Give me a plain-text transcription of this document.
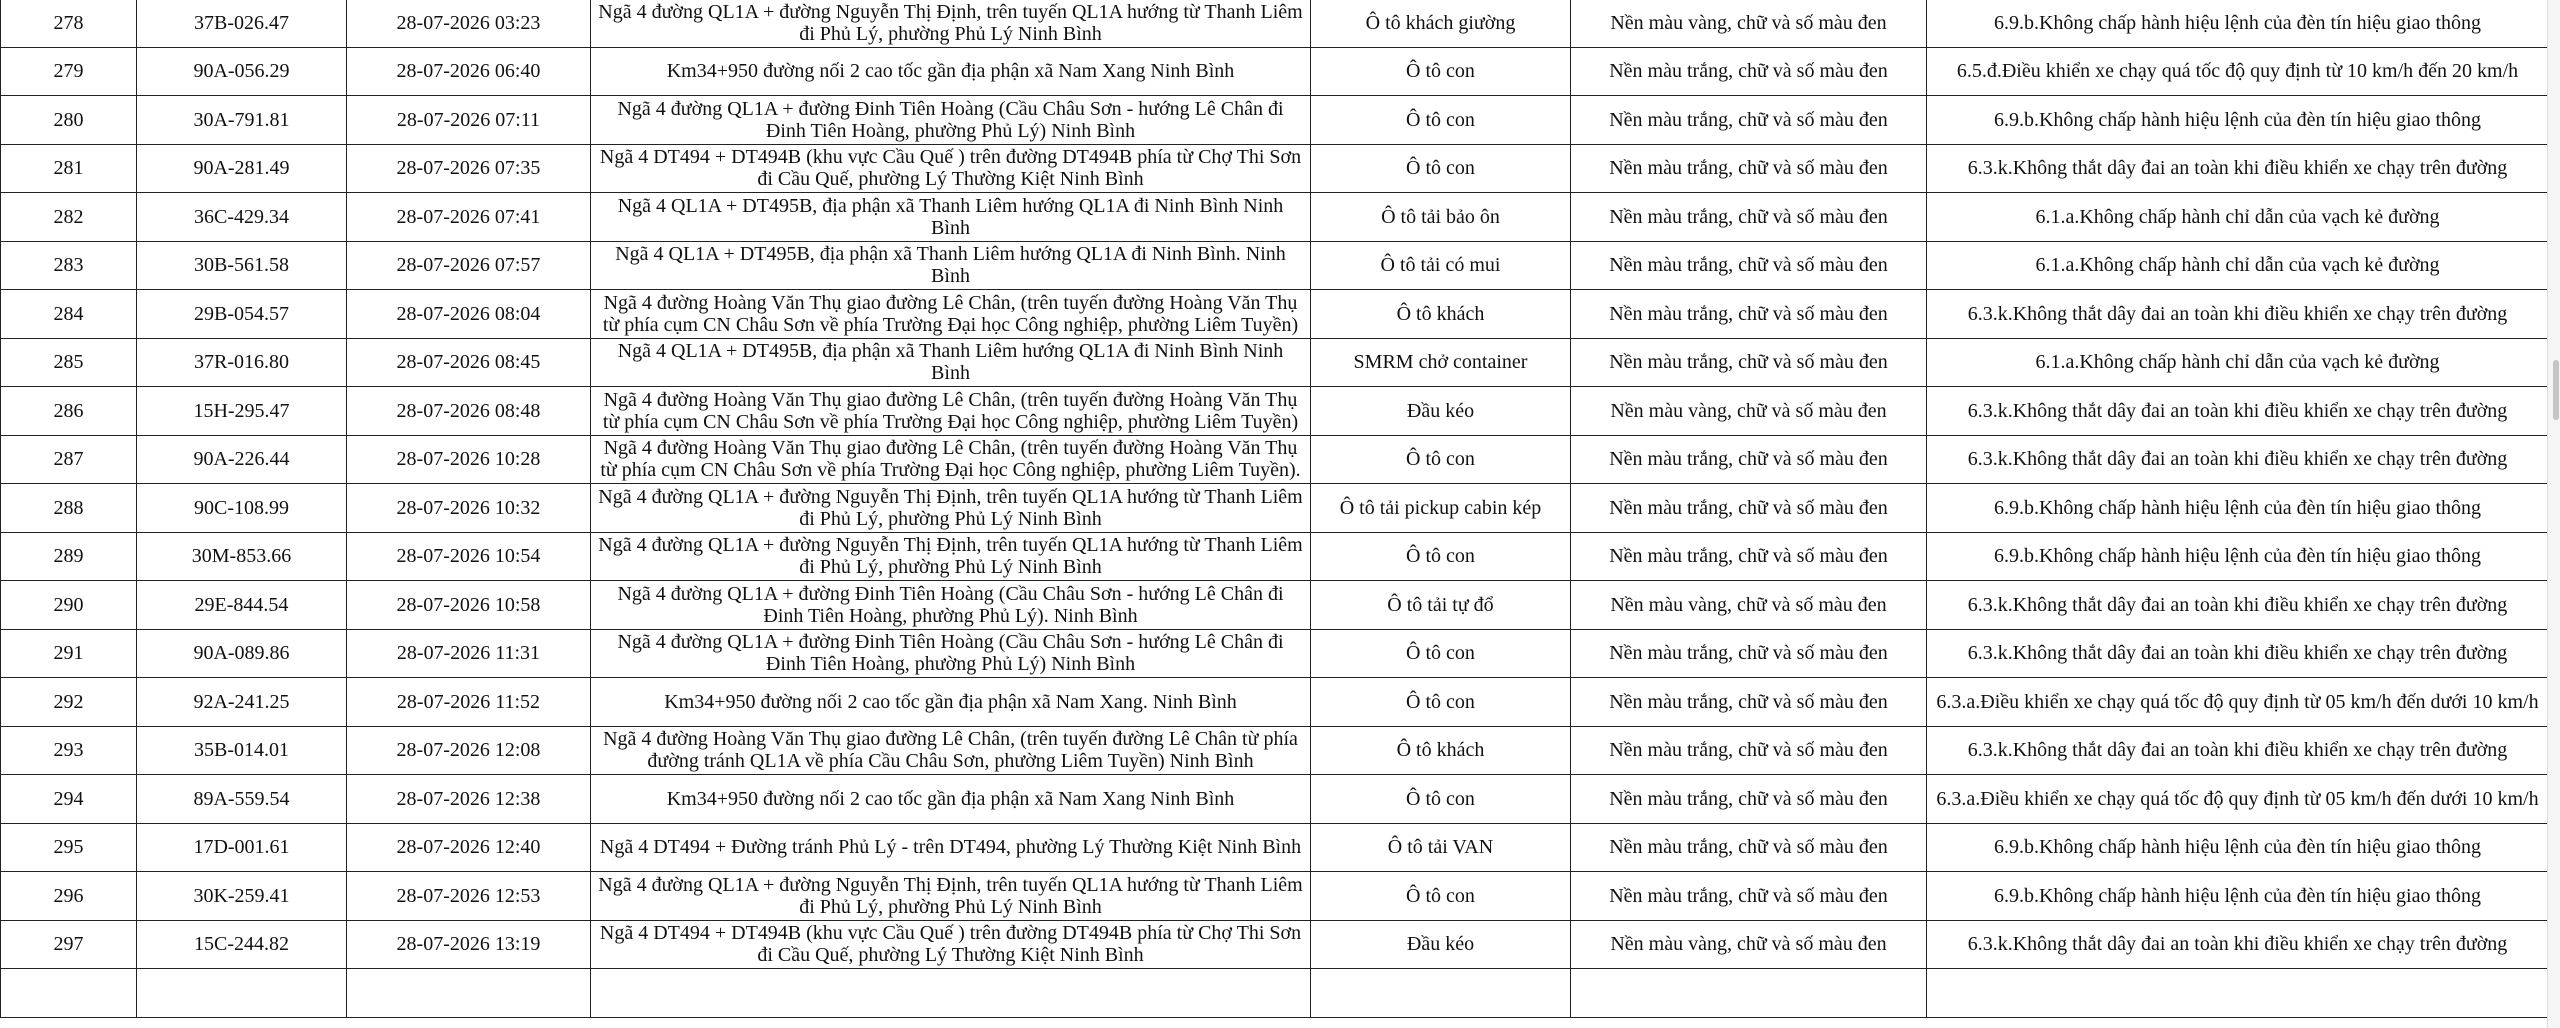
278	37B-026.47	28-07-2026 03:23	Ngã 4 đường QL1A + đường Nguyễn Thị Định, trên tuyến QL1A hướng từ Thanh Liêm đi Phủ Lý, phường Phủ Lý Ninh Bình	Ô tô khách giường	Nền màu vàng, chữ và số màu đen	6.9.b.Không chấp hành hiệu lệnh của đèn tín hiệu giao thông
279	90A-056.29	28-07-2026 06:40	Km34+950 đường nối 2 cao tốc gần địa phận xã Nam Xang Ninh Bình	Ô tô con	Nền màu trắng, chữ và số màu đen	6.5.đ.Điều khiển xe chạy quá tốc độ quy định từ 10 km/h đến 20 km/h
280	30A-791.81	28-07-2026 07:11	Ngã 4 đường QL1A + đường Đinh Tiên Hoàng (Cầu Châu Sơn - hướng Lê Chân đi Đinh Tiên Hoàng, phường Phủ Lý) Ninh Bình	Ô tô con	Nền màu trắng, chữ và số màu đen	6.9.b.Không chấp hành hiệu lệnh của đèn tín hiệu giao thông
281	90A-281.49	28-07-2026 07:35	Ngã 4 DT494 + DT494B (khu vực Cầu Quế ) trên đường DT494B phía từ Chợ Thi Sơn đi Cầu Quế, phường Lý Thường Kiệt Ninh Bình	Ô tô con	Nền màu trắng, chữ và số màu đen	6.3.k.Không thắt dây đai an toàn khi điều khiển xe chạy trên đường
282	36C-429.34	28-07-2026 07:41	Ngã 4 QL1A + DT495B, địa phận xã Thanh Liêm hướng QL1A đi Ninh Bình Ninh Bình	Ô tô tải bảo ôn	Nền màu trắng, chữ và số màu đen	6.1.a.Không chấp hành chỉ dẫn của vạch kẻ đường
283	30B-561.58	28-07-2026 07:57	Ngã 4 QL1A + DT495B, địa phận xã Thanh Liêm hướng QL1A đi Ninh Bình. Ninh Bình	Ô tô tải có mui	Nền màu trắng, chữ và số màu đen	6.1.a.Không chấp hành chỉ dẫn của vạch kẻ đường
284	29B-054.57	28-07-2026 08:04	Ngã 4 đường Hoàng Văn Thụ giao đường Lê Chân, (trên tuyến đường Hoàng Văn Thụ từ phía cụm CN Châu Sơn về phía Trường Đại học Công nghiệp, phường Liêm Tuyền)	Ô tô khách	Nền màu trắng, chữ và số màu đen	6.3.k.Không thắt dây đai an toàn khi điều khiển xe chạy trên đường
285	37R-016.80	28-07-2026 08:45	Ngã 4 QL1A + DT495B, địa phận xã Thanh Liêm hướng QL1A đi Ninh Bình Ninh Bình	SMRM chở container	Nền màu trắng, chữ và số màu đen	6.1.a.Không chấp hành chỉ dẫn của vạch kẻ đường
286	15H-295.47	28-07-2026 08:48	Ngã 4 đường Hoàng Văn Thụ giao đường Lê Chân, (trên tuyến đường Hoàng Văn Thụ từ phía cụm CN Châu Sơn về phía Trường Đại học Công nghiệp, phường Liêm Tuyền)	Đầu kéo	Nền màu vàng, chữ và số màu đen	6.3.k.Không thắt dây đai an toàn khi điều khiển xe chạy trên đường
287	90A-226.44	28-07-2026 10:28	Ngã 4 đường Hoàng Văn Thụ giao đường Lê Chân, (trên tuyến đường Hoàng Văn Thụ từ phía cụm CN Châu Sơn về phía Trường Đại học Công nghiệp, phường Liêm Tuyền).	Ô tô con	Nền màu trắng, chữ và số màu đen	6.3.k.Không thắt dây đai an toàn khi điều khiển xe chạy trên đường
288	90C-108.99	28-07-2026 10:32	Ngã 4 đường QL1A + đường Nguyễn Thị Định, trên tuyến QL1A hướng từ Thanh Liêm đi Phủ Lý, phường Phủ Lý Ninh Bình	Ô tô tải pickup cabin kép	Nền màu trắng, chữ và số màu đen	6.9.b.Không chấp hành hiệu lệnh của đèn tín hiệu giao thông
289	30M-853.66	28-07-2026 10:54	Ngã 4 đường QL1A + đường Nguyễn Thị Định, trên tuyến QL1A hướng từ Thanh Liêm đi Phủ Lý, phường Phủ Lý Ninh Bình	Ô tô con	Nền màu trắng, chữ và số màu đen	6.9.b.Không chấp hành hiệu lệnh của đèn tín hiệu giao thông
290	29E-844.54	28-07-2026 10:58	Ngã 4 đường QL1A + đường Đinh Tiên Hoàng (Cầu Châu Sơn - hướng Lê Chân đi Đinh Tiên Hoàng, phường Phủ Lý). Ninh Bình	Ô tô tải tự đổ	Nền màu vàng, chữ và số màu đen	6.3.k.Không thắt dây đai an toàn khi điều khiển xe chạy trên đường
291	90A-089.86	28-07-2026 11:31	Ngã 4 đường QL1A + đường Đinh Tiên Hoàng (Cầu Châu Sơn - hướng Lê Chân đi Đinh Tiên Hoàng, phường Phủ Lý) Ninh Bình	Ô tô con	Nền màu trắng, chữ và số màu đen	6.3.k.Không thắt dây đai an toàn khi điều khiển xe chạy trên đường
292	92A-241.25	28-07-2026 11:52	Km34+950 đường nối 2 cao tốc gần địa phận xã Nam Xang. Ninh Bình	Ô tô con	Nền màu trắng, chữ và số màu đen	6.3.a.Điều khiển xe chạy quá tốc độ quy định từ 05 km/h đến dưới 10 km/h
293	35B-014.01	28-07-2026 12:08	Ngã 4 đường Hoàng Văn Thụ giao đường Lê Chân, (trên tuyến đường Lê Chân từ phía đường tránh QL1A về phía Cầu Châu Sơn, phường Liêm Tuyền) Ninh Bình	Ô tô khách	Nền màu trắng, chữ và số màu đen	6.3.k.Không thắt dây đai an toàn khi điều khiển xe chạy trên đường
294	89A-559.54	28-07-2026 12:38	Km34+950 đường nối 2 cao tốc gần địa phận xã Nam Xang Ninh Bình	Ô tô con	Nền màu trắng, chữ và số màu đen	6.3.a.Điều khiển xe chạy quá tốc độ quy định từ 05 km/h đến dưới 10 km/h
295	17D-001.61	28-07-2026 12:40	Ngã 4 DT494 + Đường tránh Phủ Lý - trên DT494, phường Lý Thường Kiệt Ninh Bình	Ô tô tải VAN	Nền màu trắng, chữ và số màu đen	6.9.b.Không chấp hành hiệu lệnh của đèn tín hiệu giao thông
296	30K-259.41	28-07-2026 12:53	Ngã 4 đường QL1A + đường Nguyễn Thị Định, trên tuyến QL1A hướng từ Thanh Liêm đi Phủ Lý, phường Phủ Lý Ninh Bình	Ô tô con	Nền màu trắng, chữ và số màu đen	6.9.b.Không chấp hành hiệu lệnh của đèn tín hiệu giao thông
297	15C-244.82	28-07-2026 13:19	Ngã 4 DT494 + DT494B (khu vực Cầu Quế ) trên đường DT494B phía từ Chợ Thi Sơn đi Cầu Quế, phường Lý Thường Kiệt Ninh Bình	Đầu kéo	Nền màu vàng, chữ và số màu đen	6.3.k.Không thắt dây đai an toàn khi điều khiển xe chạy trên đường
